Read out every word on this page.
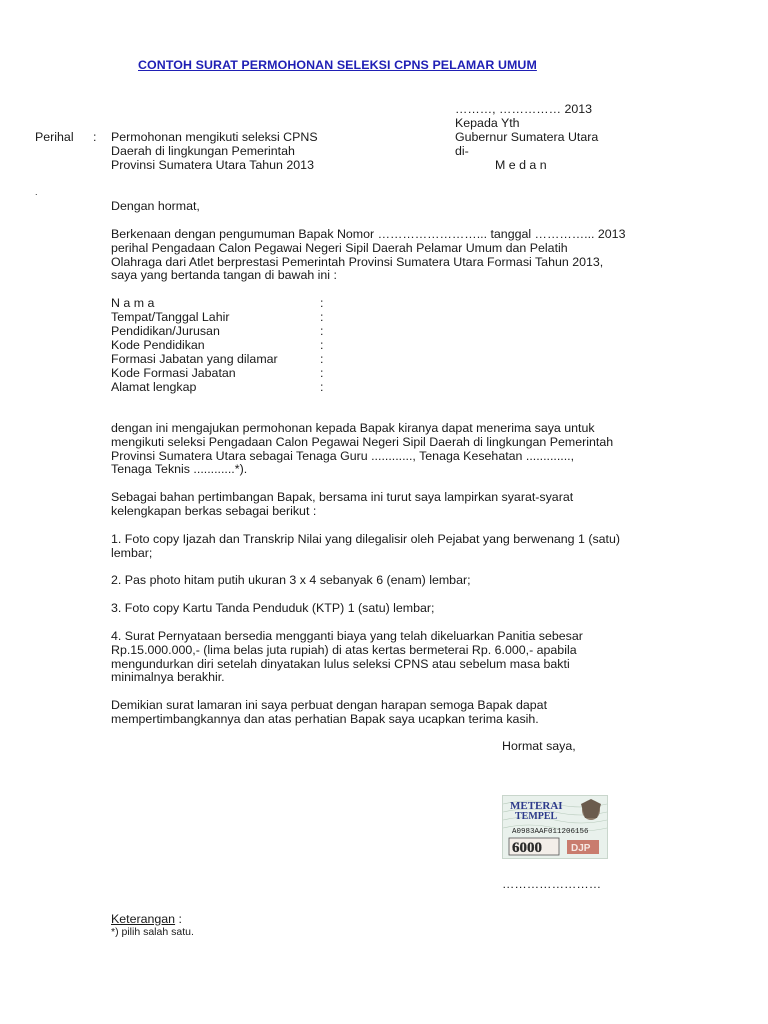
CONTOH SURAT PERMOHONAN SELEKSI CPNS PELAMAR UMUM
………, …………… 2013
Kepada Yth
Gubernur Sumatera Utara
di-
M e d a n
Perihal : Permohonan mengikuti seleksi CPNS
Daerah di lingkungan Pemerintah
Provinsi Sumatera Utara Tahun 2013
.
Dengan hormat,
Berkenaan dengan pengumuman Bapak Nomor ……………………... tanggal …………... 2013
perihal Pengadaan Calon Pegawai Negeri Sipil Daerah Pelamar Umum dan Pelatih
Olahraga dari Atlet berprestasi Pemerintah Provinsi Sumatera Utara Formasi Tahun 2013,
saya yang bertanda tangan di bawah ini :
N a m a	:
Tempat/Tanggal Lahir	:
Pendidikan/Jurusan	:
Kode Pendidikan	:
Formasi Jabatan yang dilamar	:
Kode Formasi Jabatan	:
Alamat lengkap	:
dengan ini mengajukan permohonan kepada Bapak kiranya dapat menerima saya untuk
mengikuti seleksi Pengadaan Calon Pegawai Negeri Sipil Daerah di lingkungan Pemerintah
Provinsi Sumatera Utara sebagai Tenaga Guru ............, Tenaga Kesehatan .............,
Tenaga Teknis ............*).
Sebagai bahan pertimbangan Bapak, bersama ini turut saya lampirkan syarat-syarat
kelengkapan berkas sebagai berikut :
1. Foto copy Ijazah dan Transkrip Nilai yang dilegalisir oleh Pejabat yang berwenang 1 (satu)
lembar;
2. Pas photo hitam putih ukuran 3 x 4 sebanyak 6 (enam) lembar;
3. Foto copy Kartu Tanda Penduduk (KTP) 1 (satu) lembar;
4. Surat Pernyataan bersedia mengganti biaya yang telah dikeluarkan Panitia sebesar
Rp.15.000.000,- (lima belas juta rupiah) di atas kertas bermeterai Rp. 6.000,- apabila
mengundurkan diri setelah dinyatakan lulus seleksi CPNS atau sebelum masa bakti
minimalnya berakhir.
Demikian surat lamaran ini saya perbuat dengan harapan semoga Bapak dapat
mempertimbangkannya dan atas perhatian Bapak saya ucapkan terima kasih.
Hormat saya,
METERAI
TEMPEL
A0983AAF011206156
6000	DJP
……………………
Keterangan :
*) pilih salah satu.
